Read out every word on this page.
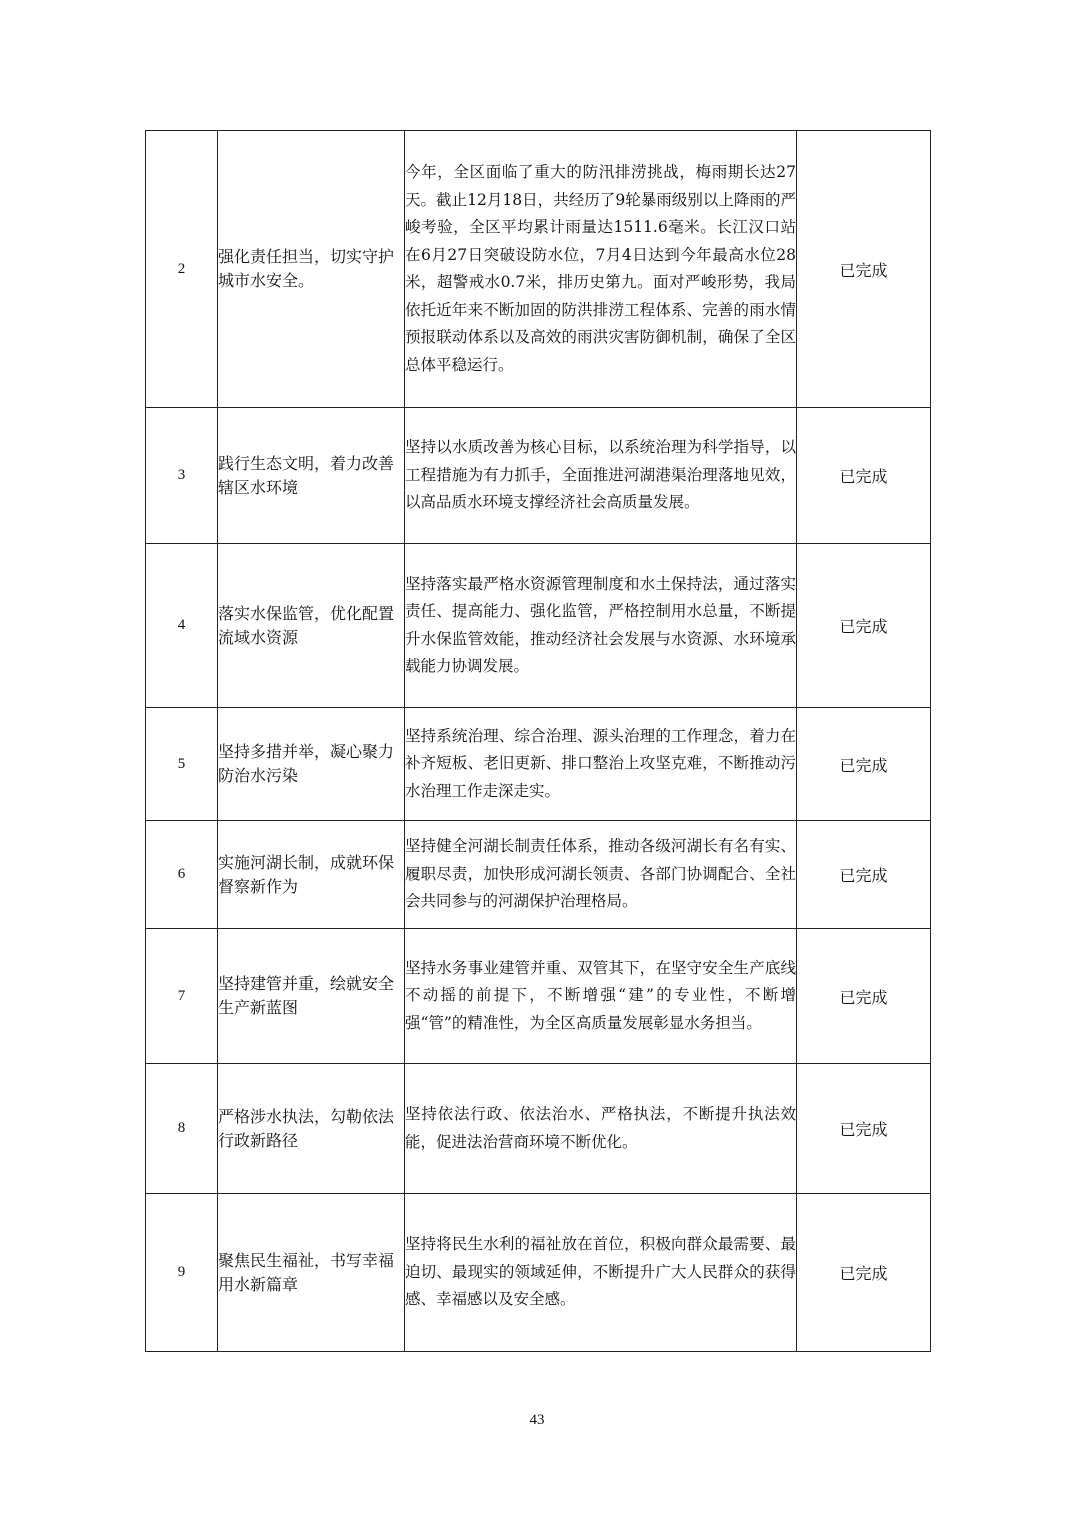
2	强化责任担当，切实守护城市水安全。	今年，全区面临了重大的防汛排涝挑战，梅雨期长达27天。截止12月18日，共经历了9轮暴雨级别以上降雨的严峻考验，全区平均累计雨量达1511.6毫米。长江汉口站在6月27日突破设防水位，7月4日达到今年最高水位28米，超警戒水0.7米，排历史第九。面对严峻形势，我局依托近年来不断加固的防洪排涝工程体系、完善的雨水情预报联动体系以及高效的雨洪灾害防御机制，确保了全区总体平稳运行。	已完成
3	践行生态文明，着力改善辖区水环境	坚持以水质改善为核心目标，以系统治理为科学指导，以工程措施为有力抓手，全面推进河湖港渠治理落地见效，以高品质水环境支撑经济社会高质量发展。	已完成
4	落实水保监管，优化配置流域水资源	坚持落实最严格水资源管理制度和水土保持法，通过落实责任、提高能力、强化监管，严格控制用水总量，不断提升水保监管效能，推动经济社会发展与水资源、水环境承载能力协调发展。	已完成
5	坚持多措并举，凝心聚力防治水污染	坚持系统治理、综合治理、源头治理的工作理念，着力在补齐短板、老旧更新、排口整治上攻坚克难，不断推动污水治理工作走深走实。	已完成
6	实施河湖长制，成就环保督察新作为	坚持健全河湖长制责任体系，推动各级河湖长有名有实、履职尽责，加快形成河湖长领责、各部门协调配合、全社会共同参与的河湖保护治理格局。	已完成
7	坚持建管并重，绘就安全生产新蓝图	坚持水务事业建管并重、双管其下，在坚守安全生产底线不动摇的前提下，不断增强“建”的专业性，不断增强“管”的精准性，为全区高质量发展彰显水务担当。	已完成
8	严格涉水执法，勾勒依法行政新路径	坚持依法行政、依法治水、严格执法，不断提升执法效能，促进法治营商环境不断优化。	已完成
9	聚焦民生福祉，书写幸福用水新篇章	坚持将民生水利的福祉放在首位，积极向群众最需要、最迫切、最现实的领域延伸，不断提升广大人民群众的获得感、幸福感以及安全感。	已完成
43
